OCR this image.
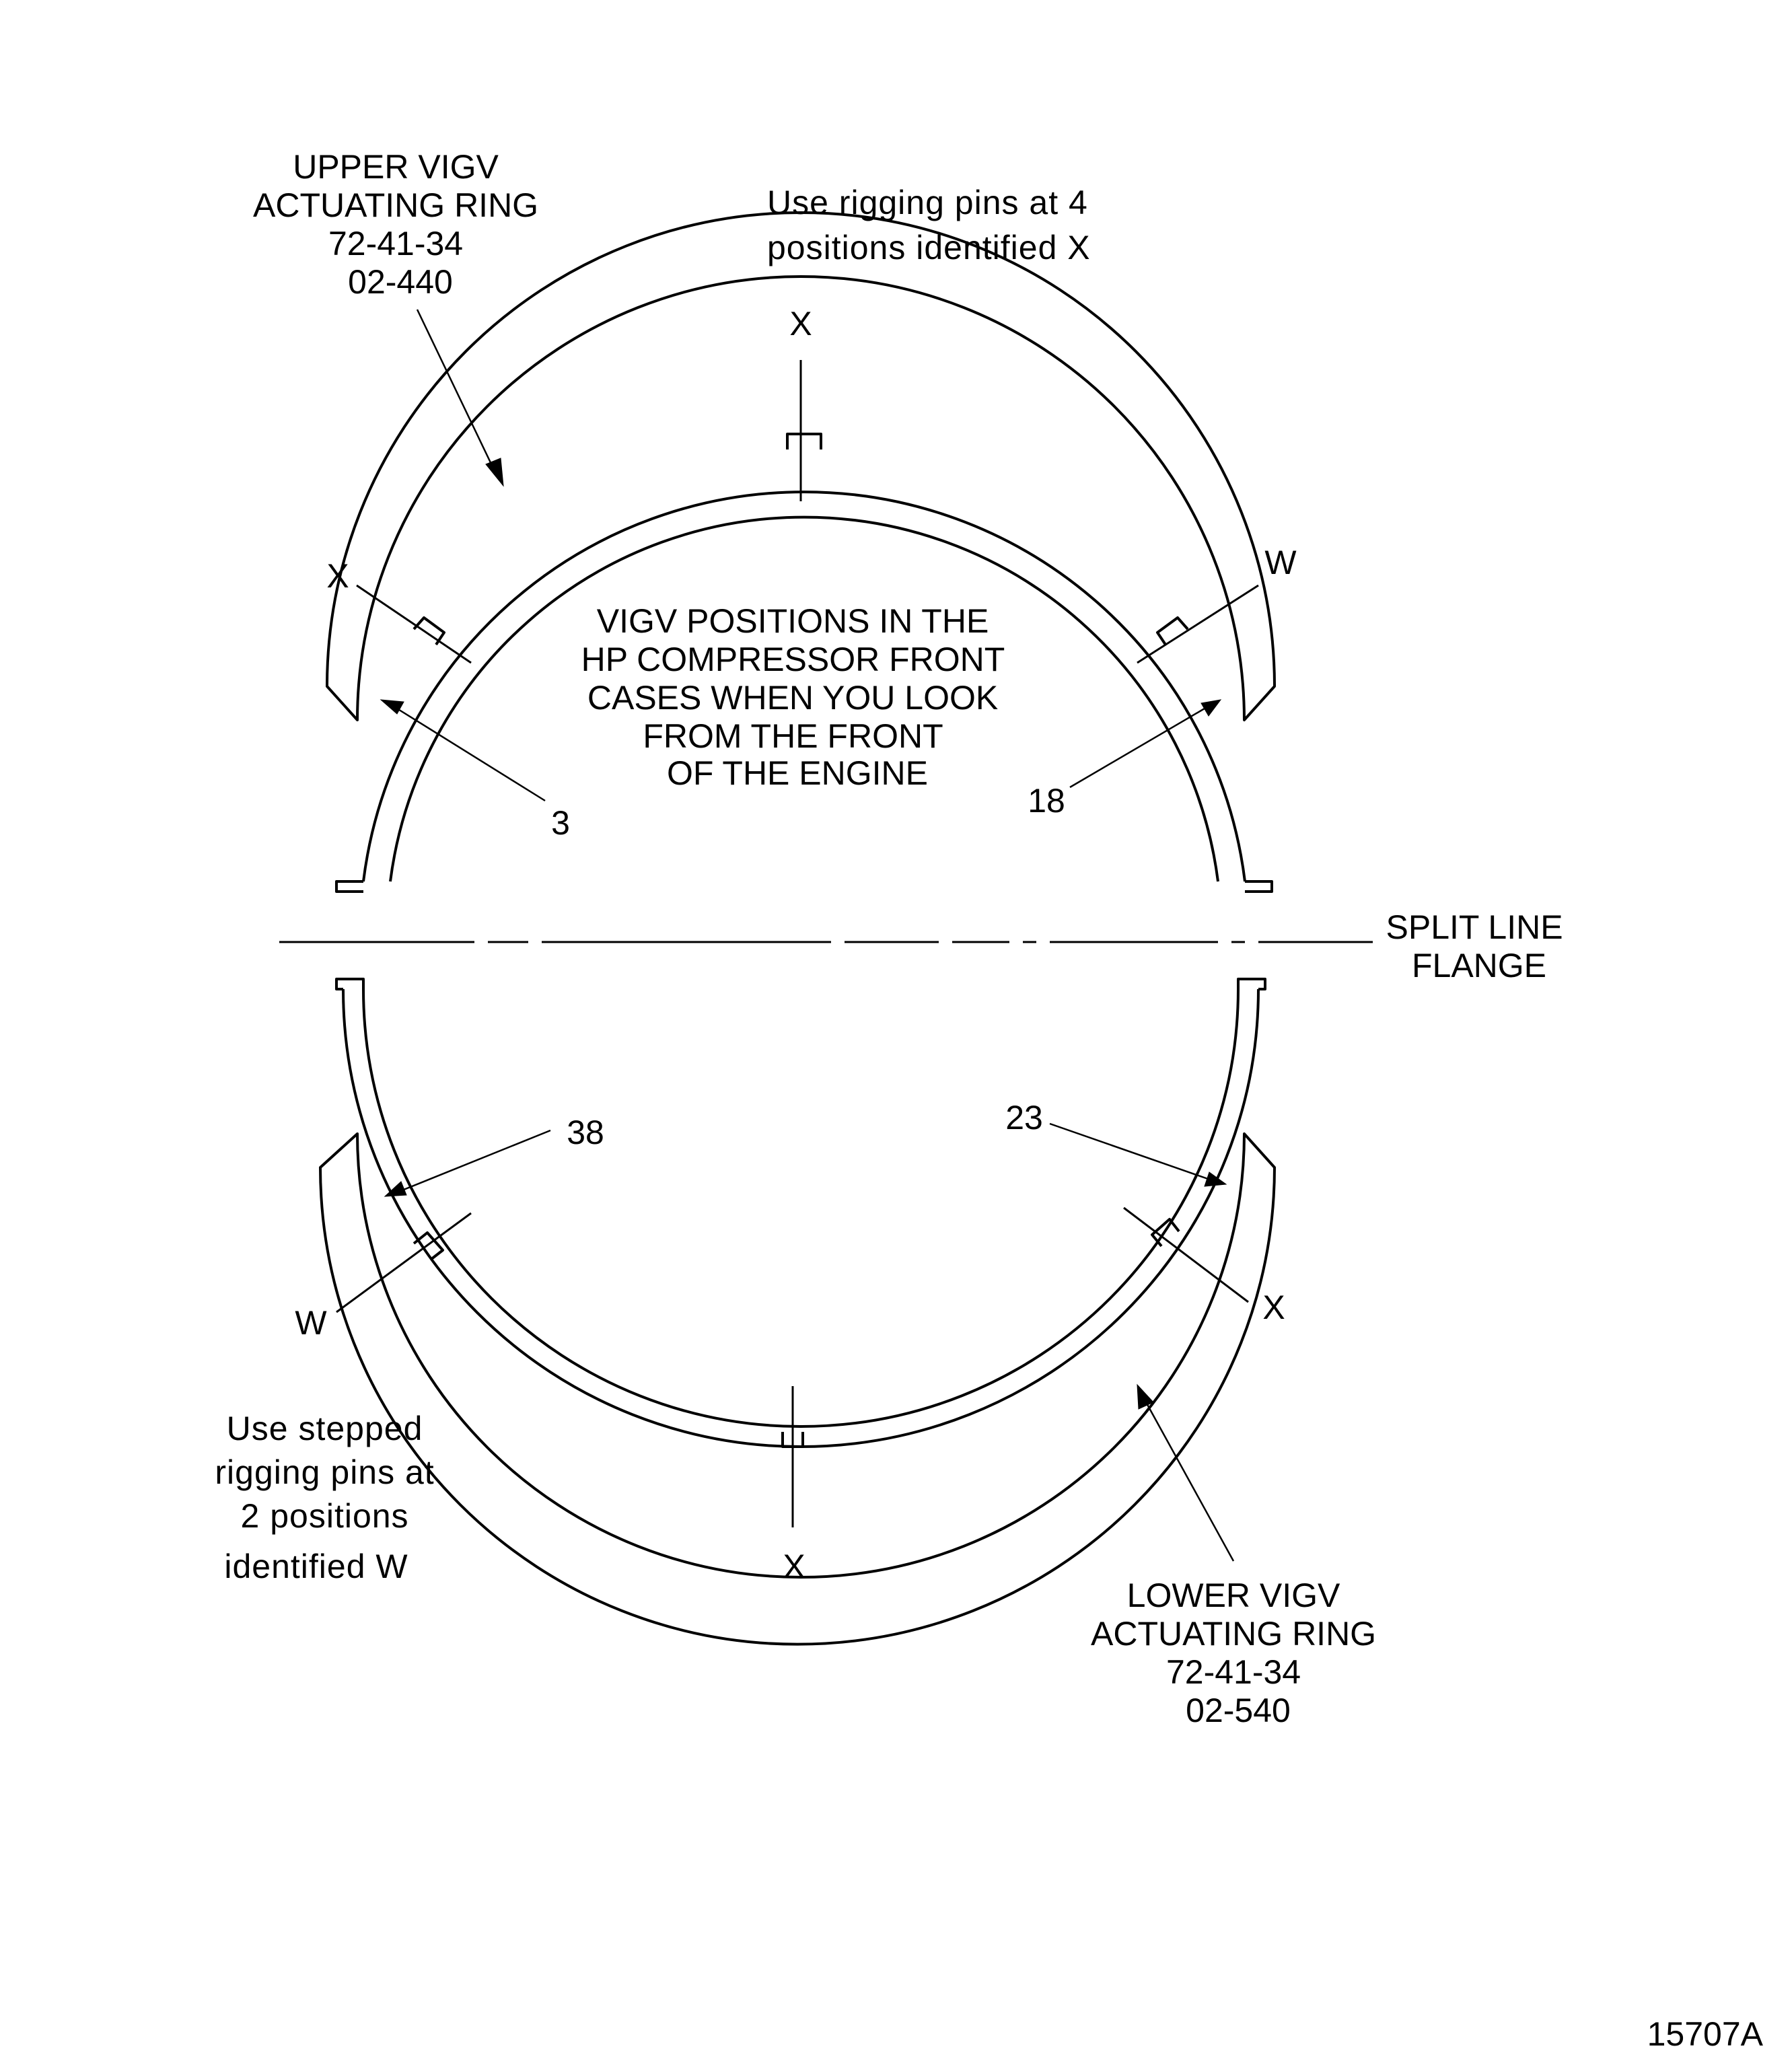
UPPER VIGV ACTUATING RING 72-41-34 02-440
Use rigging pins at 4 positions identified X
X
X	W
VIGV POSITIONS IN THE HP COMPRESSOR FRONT CASES WHEN YOU LOOK FROM THE FRONT OF THE ENGINE
3
18
SPLIT LINE FLANGE
38	23
W	X
X
Use stepped rigging pins at 2 positions identified W
LOWER VIGV ACTUATING RING 72-41-34 02-540
15707A
